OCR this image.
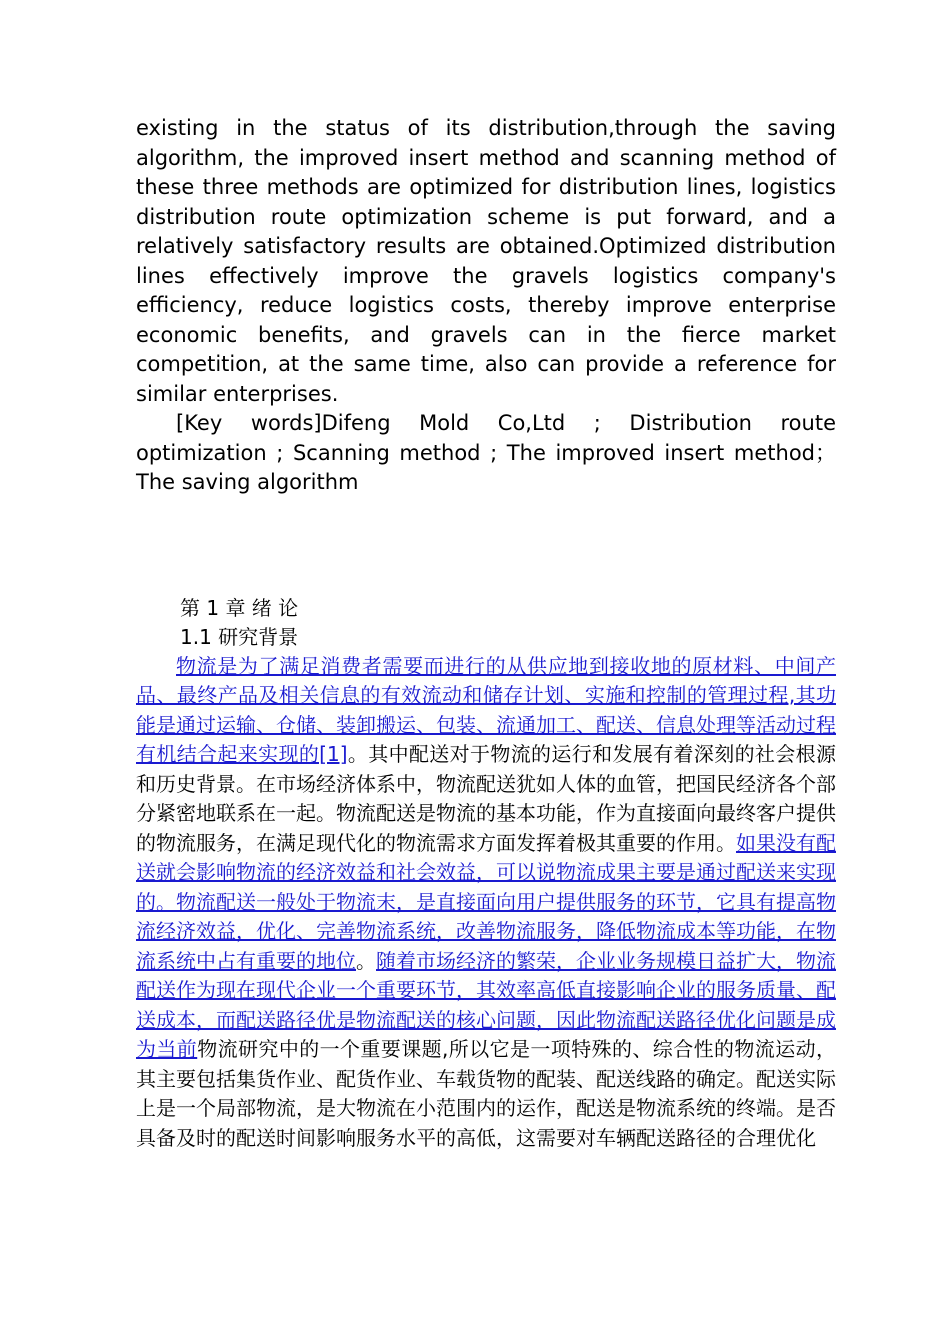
existing in the status of its distribution,through the saving algorithm, the improved insert method and scanning method of these three methods are optimized for distribution lines, logistics distribution route optimization scheme is put forward, and a relatively satisfactory results are obtained.Optimized distribution lines effectively improve the gravels logistics company's efficiency, reduce logistics costs, thereby improve enterprise economic benefits, and gravels can in the fierce market competition, at the same time, also can provide a reference for similar enterprises.

[Key words]Difeng Mold Co,Ltd ; Distribution route optimization ; Scanning method ; The improved insert method； The saving algorithm

第 1 章 绪 论

1.1 研究背景

物流是为了满足消费者需要而进行的从供应地到接收地的原材料、中间产品、最终产品及相关信息的有效流动和储存计划、实施和控制的管理过程,其功能是通过运输、仓储、装卸搬运、包装、流通加工、配送、信息处理等活动过程有机结合起来实现的[1]。其中配送对于物流的运行和发展有着深刻的社会根源和历史背景。在市场经济体系中，物流配送犹如人体的血管，把国民经济各个部分紧密地联系在一起。物流配送是物流的基本功能，作为直接面向最终客户提供的物流服务，在满足现代化的物流需求方面发挥着极其重要的作用。如果没有配送就会影响物流的经济效益和社会效益，可以说物流成果主要是通过配送来实现的。物流配送一般处于物流末，是直接面向用户提供服务的环节，它具有提高物流经济效益，优化、完善物流系统，改善物流服务，降低物流成本等功能，在物流系统中占有重要的地位。随着市场经济的繁荣，企业业务规模日益扩大，物流配送作为现在现代企业一个重要环节，其效率高低直接影响企业的服务质量、配送成本，而配送路径优是物流配送的核心问题，因此物流配送路径优化问题是成为当前物流研究中的一个重要课题,所以它是一项特殊的、综合性的物流运动，其主要包括集货作业、配货作业、车载货物的配装、配送线路的确定。配送实际上是一个局部物流，是大物流在小范围内的运作，配送是物流系统的终端。是否具备及时的配送时间影响服务水平的高低，这需要对车辆配送路径的合理优化
